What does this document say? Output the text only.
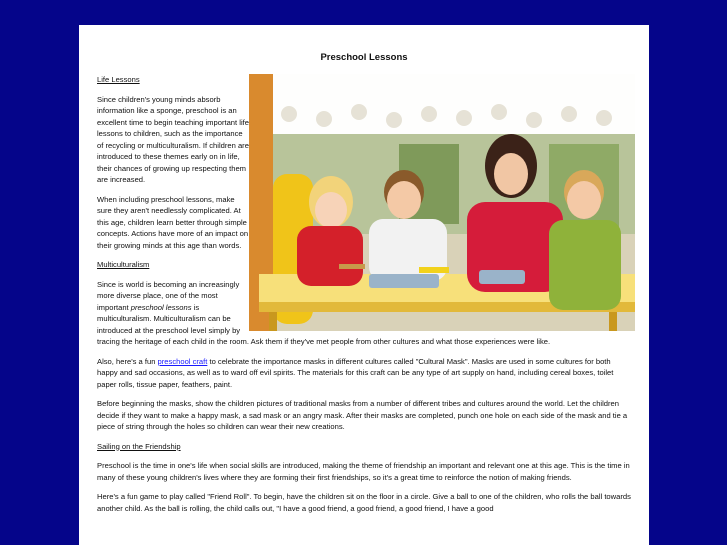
Preschool Lessons

Life Lessons

Since children's young minds absorb information like a sponge, preschool is an excellent time to begin teaching important life lessons to children, such as the importance of recycling or multiculturalism. If children are introduced to these themes early on in life, their chances of growing up respecting them are increased.

When including preschool lessons, make sure they aren't needlessly complicated. At this age, children learn better through simple concepts. Actions have more of an impact on their growing minds at this age than words.

Multiculturalism

Since is world is becoming an increasingly more diverse place, one of the most important preschool lessons is multiculturalism. Multiculturalism can be introduced at the preschool level simply by tracing the heritage of each child in the room. Ask them if they've met people from other cultures and what those experiences were like.

Also, here's a fun preschool craft to celebrate the importance masks in different cultures called "Cultural Mask". Masks are used in some cultures for both happy and sad occasions, as well as to ward off evil spirits. The materials for this craft can be any type of art supply on hand, including cereal boxes, toilet paper rolls, tissue paper, feathers, paint.

Before beginning the masks, show the children pictures of traditional masks from a number of different tribes and cultures around the world. Let the children decide if they want to make a happy mask, a sad mask or an angry mask. After their masks are completed, punch one hole on each side of the mask and tie a piece of string through the holes so children can wear their new creations.

Sailing on the Friendship

Preschool is the time in one's life when social skills are introduced, making the theme of friendship an important and relevant one at this age. This is the time in many of these young children's lives where they are forming their first friendships, so it's a great time to reinforce the notion of making friends.

Here's a fun game to play called "Friend Roll". To begin, have the children sit on the floor in a circle. Give a ball to one of the children, who rolls the ball towards another child. As the ball is rolling, the child calls out, "I have a good friend, a good friend, a good friend, I have a good
